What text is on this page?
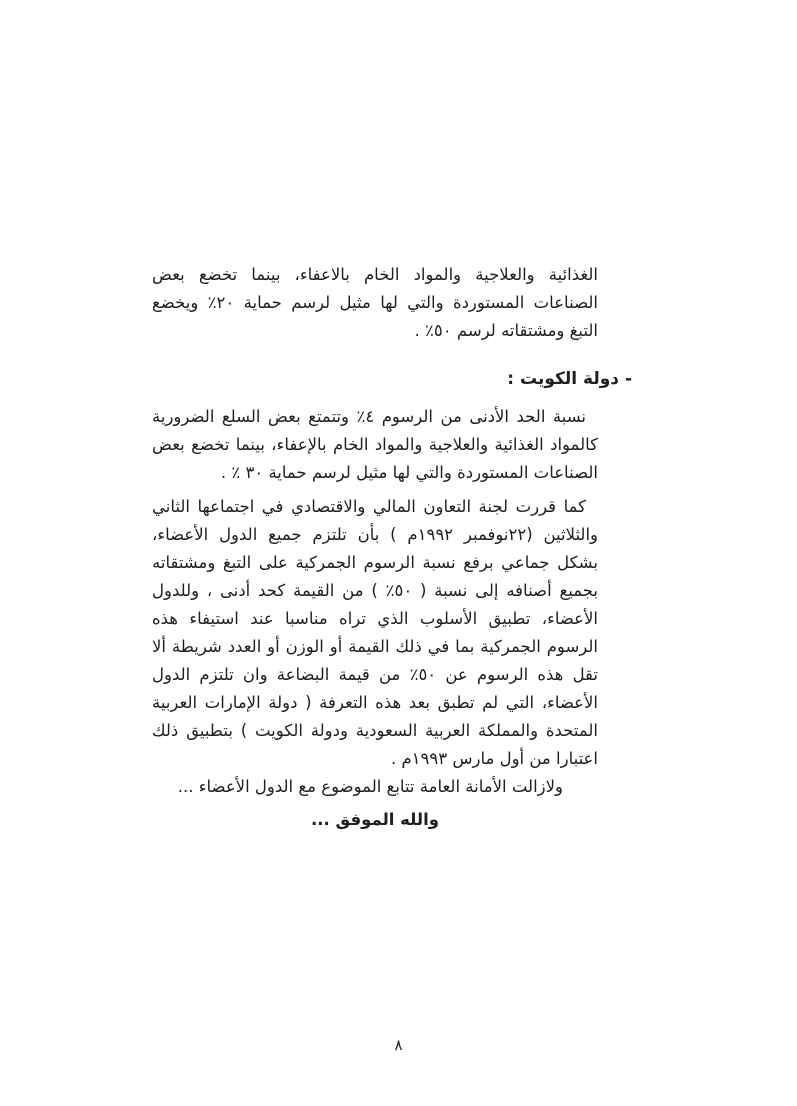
الغذائية والعلاجية والمواد الخام بالاعفاء، بينما تخضع بعض الصناعات المستوردة والتي لها مثيل لرسم حماية ٢٠٪ ويخضع التبغ ومشتقاته لرسم ٥٠٪ .

- دولة الكويت :

نسبة الحد الأدنى من الرسوم ٤٪ وتتمتع بعض السلع الضرورية كالمواد الغذائية والعلاجية والمواد الخام بالإعفاء، بينما تخضع بعض الصناعات المستوردة والتي لها مثيل لرسم حماية ٣٠ ٪ .

كما قررت لجنة التعاون المالي والاقتصادي في اجتماعها الثاني والثلاثين (٢٢نوفمبر ١٩٩٢م ) بأن تلتزم جميع الدول الأعضاء، بشكل جماعي برفع نسبة الرسوم الجمركية على التبغ ومشتقاته بجميع أصنافه إلى نسبة ( ٥٠٪ ) من القيمة كحد أدنى ، وللدول الأعضاء، تطبيق الأسلوب الذي تراه مناسبا عند استيفاء هذه الرسوم الجمركية بما في ذلك القيمة أو الوزن أو العدد شريطة ألا تقل هذه الرسوم عن ٥٠٪ من قيمة البضاعة وان تلتزم الدول الأعضاء، التي لم تطبق بعد هذه التعرفة ( دولة الإمارات العربية المتحدة والمملكة العربية السعودية ودولة الكويت ) بتطبيق ذلك اعتبارا من أول مارس ١٩٩٣م .

ولازالت الأمانة العامة تتابع الموضوع مع الدول الأعضاء ...

والله الموفق ...

٨
